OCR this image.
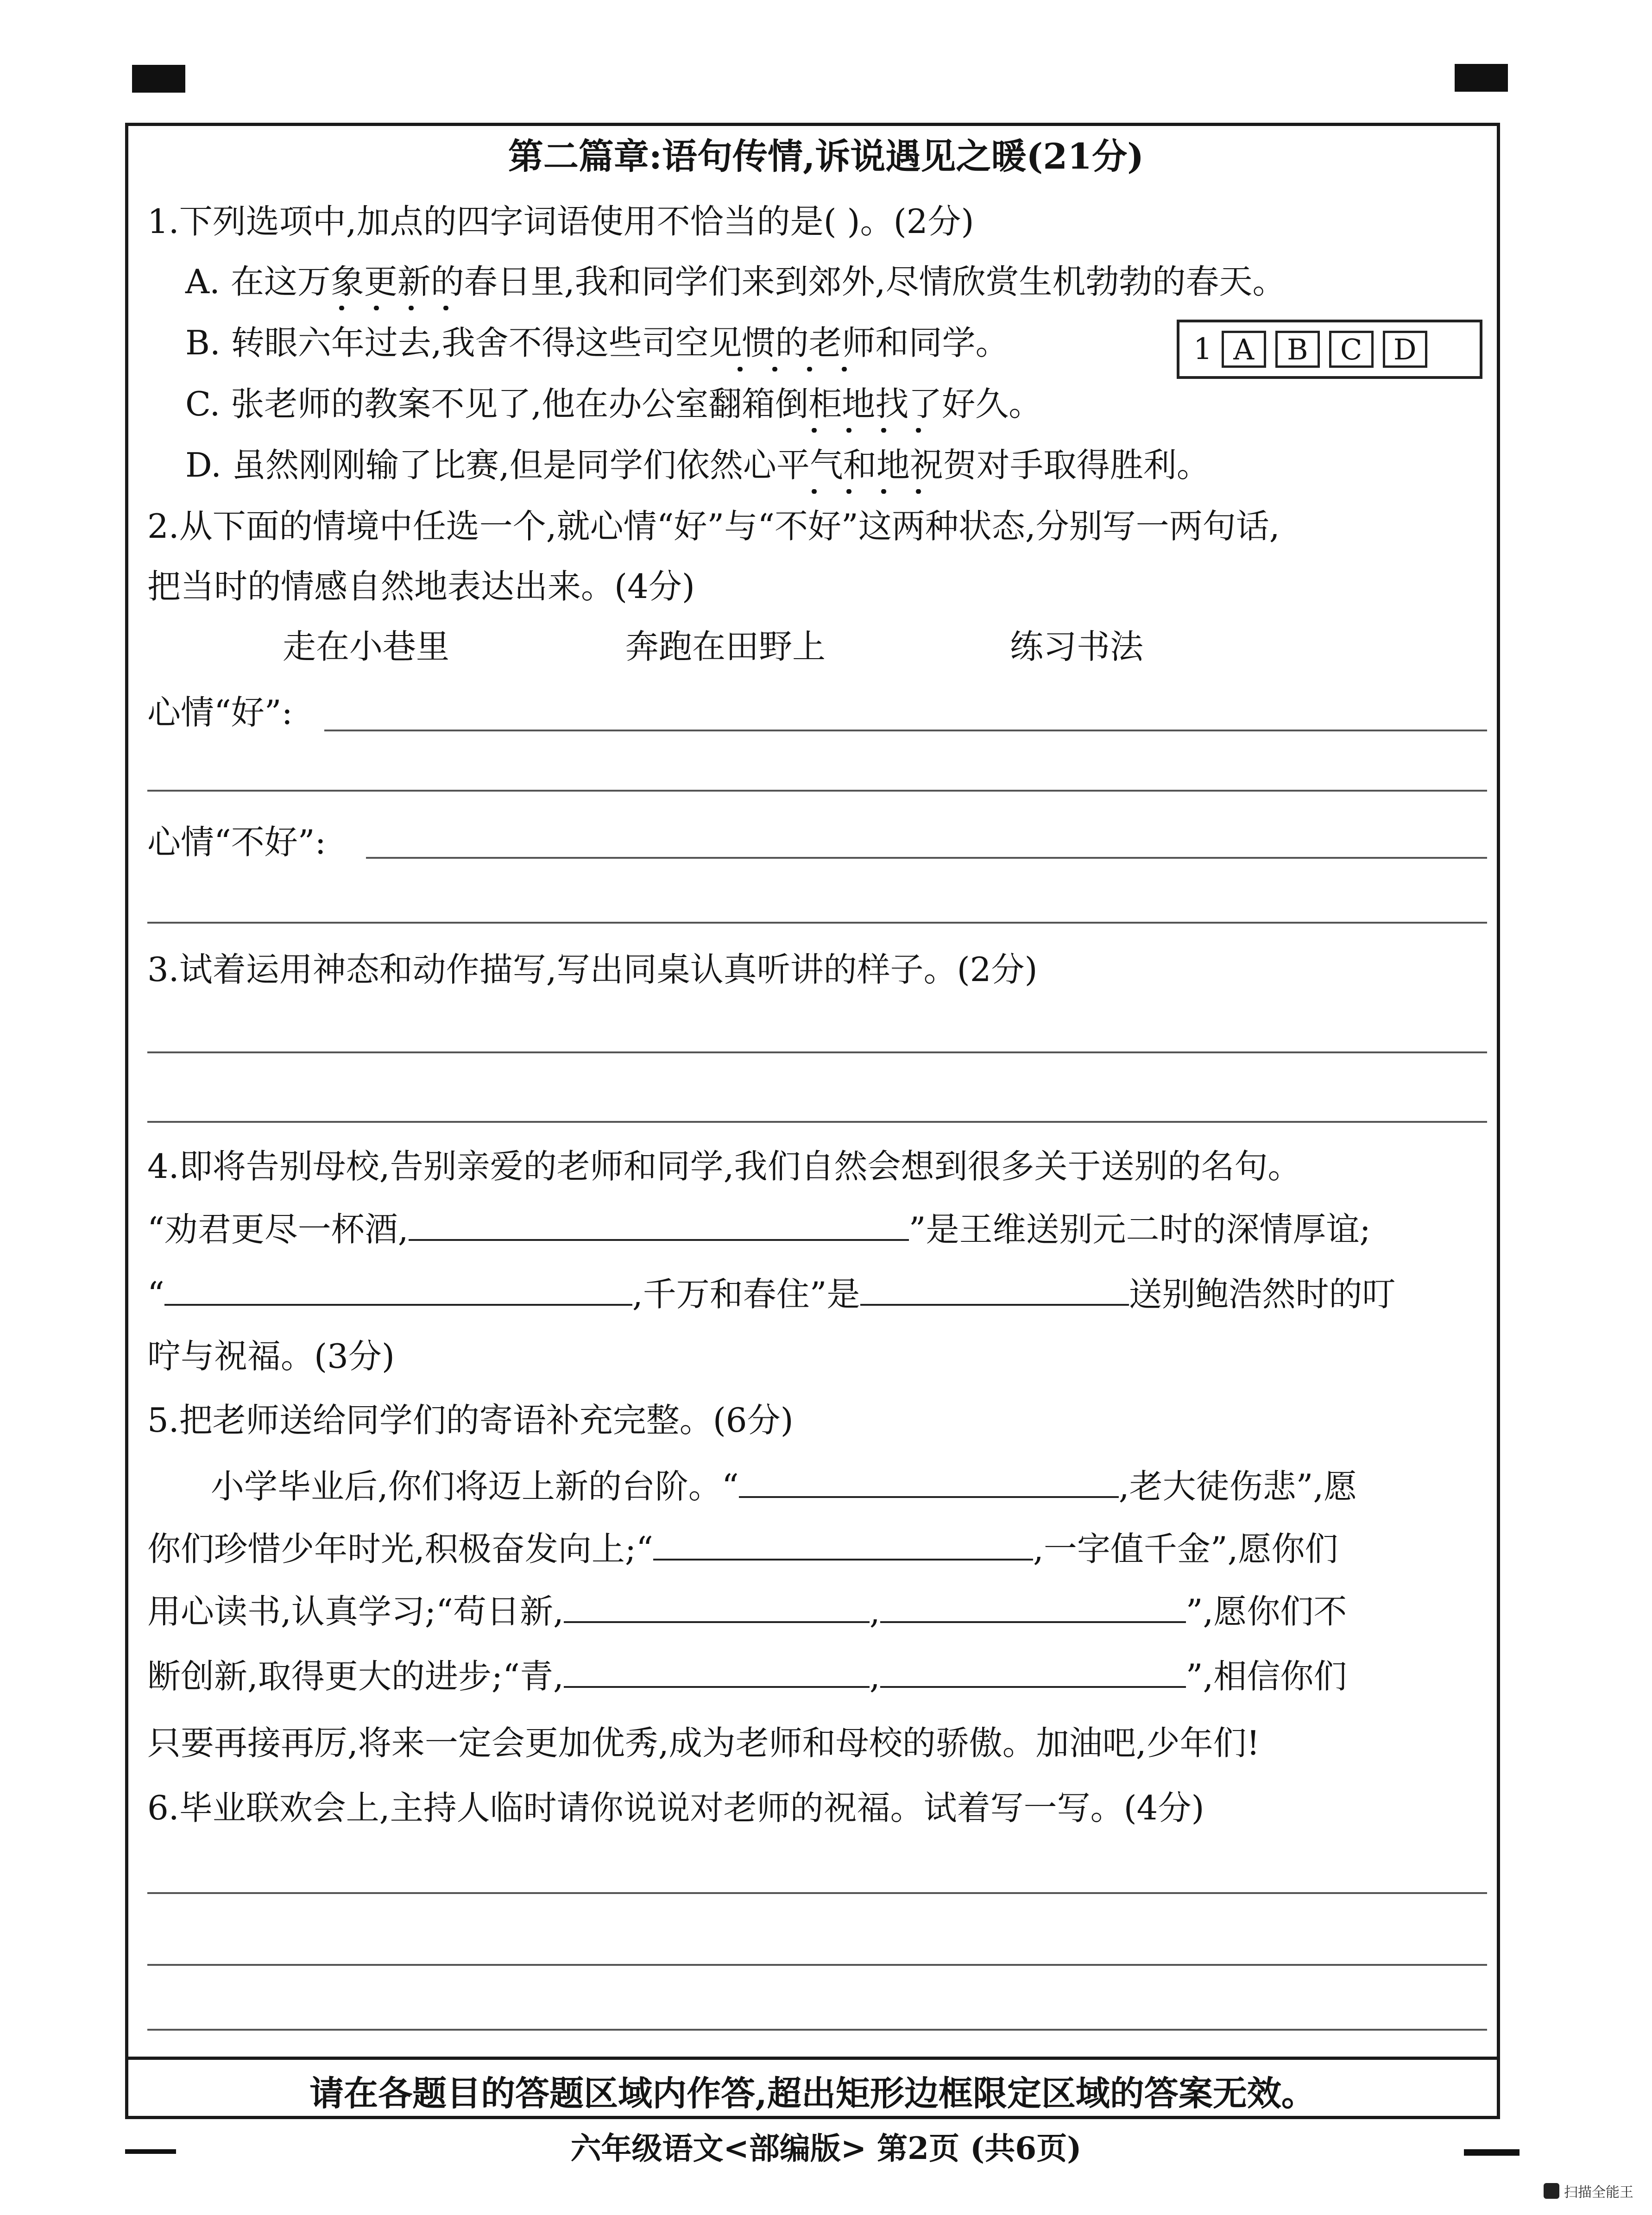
第二篇章:语句传情,诉说遇见之暖(21分)
1.下列选项中,加点的四字词语使用不恰当的是( )。(2分)
A. 在这万象更新的春日里,我和同学们来到郊外,尽情欣赏生机勃勃的春天。
B. 转眼六年过去,我舍不得这些司空见惯的老师和同学。
C. 张老师的教案不见了,他在办公室翻箱倒柜地找了好久。
D. 虽然刚刚输了比赛,但是同学们依然心平气和地祝贺对手取得胜利。
1 A	B	C	D
2.从下面的情境中任选一个,就心情“好”与“不好”这两种状态,分别写一两句话,
把当时的情感自然地表达出来。(4分)
走在小巷里	奔跑在田野上	练习书法
心情“好”:
心情“不好”:
3.试着运用神态和动作描写,写出同桌认真听讲的样子。(2分)
4.即将告别母校,告别亲爱的老师和同学,我们自然会想到很多关于送别的名句。
“劝君更尽一杯酒,	”是王维送别元二时的深情厚谊;
“	,千万和春住”是	送别鲍浩然时的叮
咛与祝福。(3分)
5.把老师送给同学们的寄语补充完整。(6分)
小学毕业后,你们将迈上新的台阶。“	,老大徒伤悲”,愿
你们珍惜少年时光,积极奋发向上;“	,一字值千金”,愿你们
用心读书,认真学习;“苟日新,	,	”,愿你们不
断创新,取得更大的进步;“青,	,	”,相信你们
只要再接再厉,将来一定会更加优秀,成为老师和母校的骄傲。加油吧,少年们!
6.毕业联欢会上,主持人临时请你说说对老师的祝福。试着写一写。(4分)
请在各题目的答题区域内作答,超出矩形边框限定区域的答案无效。
六年级语文<部编版> 第2页 (共6页)
扫描全能王
